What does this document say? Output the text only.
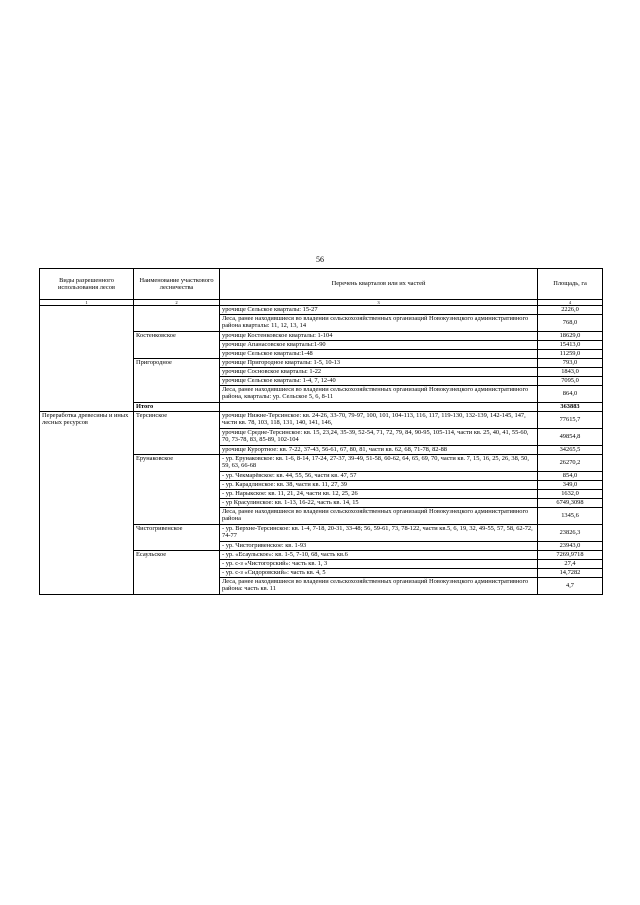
56
Виды разрешенного использования лесов	Наименование участкового лесничества	Перечень кварталов или их частей	Площадь, га
1	2	3	4
		урочище Сельское кварталы: 15-27	2226,0
		Леса, ранее находившиеся во владении сельскохозяйственных организаций Новокузнецкого административного района кварталы: 11, 12, 13, 14	768,0
	Костенковское	урочище Костенковское кварталы: 1-104	18629,0
		урочище Апанасовское кварталы:1-90	15413,0
		урочище Сельское кварталы:1-48	11259,0
	Пригородное	урочище Пригородное кварталы: 1-5, 10-13	793,0
		урочище Сосновское кварталы: 1-22	1843,0
		урочище Сельское кварталы: 1-4, 7, 12-40	7095,0
		Леса, ранее находившиеся во владении сельскохозяйственных организаций Новокузнецкого административного района, кварталы: ур. Сельское 5, 6, 8-11	864,0
	Итого		363883
Переработка древесины и иных лесных ресурсов	Терсинское	урочище Нижне-Терсинское: кв. 24-26, 33-70, 79-97, 100, 101, 104-113, 116, 117, 119-130, 132-139, 142-145, 147, части кв. 78, 103, 118, 131, 140, 141, 146,	77615,7
		урочище Средне-Терсинское: кв. 15, 23,24, 35-39, 52-54, 71, 72, 79, 84, 90-95, 105-114, части кв. 25, 40, 41, 55-60, 70, 73-78, 83, 85-89, 102-104	49854,8
		урочище Курортное: кв. 7-22, 37-43, 56-61, 67, 80, 81, части кв. 62, 68, 71-78, 82-88	34265,5
	Ерунаковское	- ур. Ерунаковское: кв. 1-6, 8-14, 17-24, 27-37, 39-49, 51-58, 60-62, 64, 65, 69, 70, части кв. 7, 15, 16, 25, 26, 38, 50, 59, 63, 66-68	26270,2
		- ур. Чекмарёвское: кв. 44, 55, 56, части кв. 47, 57	854,0
		- ур. Карадлинское: кв. 38, части кв. 11, 27, 39	349,0
		- ур. Нарыкское: кв. 11, 21, 24, части кв. 12, 25, 26	1632,0
		- ур Красулинское: кв. 1-13, 16-22, часть кв. 14, 15	6749,3098
		Леса, ранее находившиеся во владении сельскохозяйственных организаций Новокузнецкого административного района	1345,6
	Чистогривенское	- ур. Верхне-Терсинское: кв. 1-4, 7-18, 20-31, 33-48; 56, 59-61, 73, 78-122, части кв.5, 6, 19, 32, 49-55, 57, 58, 62-72, 74-77	23826,3
		- ур. Чистогривенское: кв. 1-93	23943,0
	Есаульское	- ур. «Есаульское»: кв. 1-5, 7-10, 68, часть кв.6	7269,9718
		- ур. с-з «Чистогорский»: часть кв. 1, 3	27,4
		- ур. с-з «Сидоровский»: часть кв. 4, 5	14,7282
		Леса, ранее находившиеся во владении сельскохозяйственных организаций Новокузнецкого административного района: часть кв. 11	4,7
